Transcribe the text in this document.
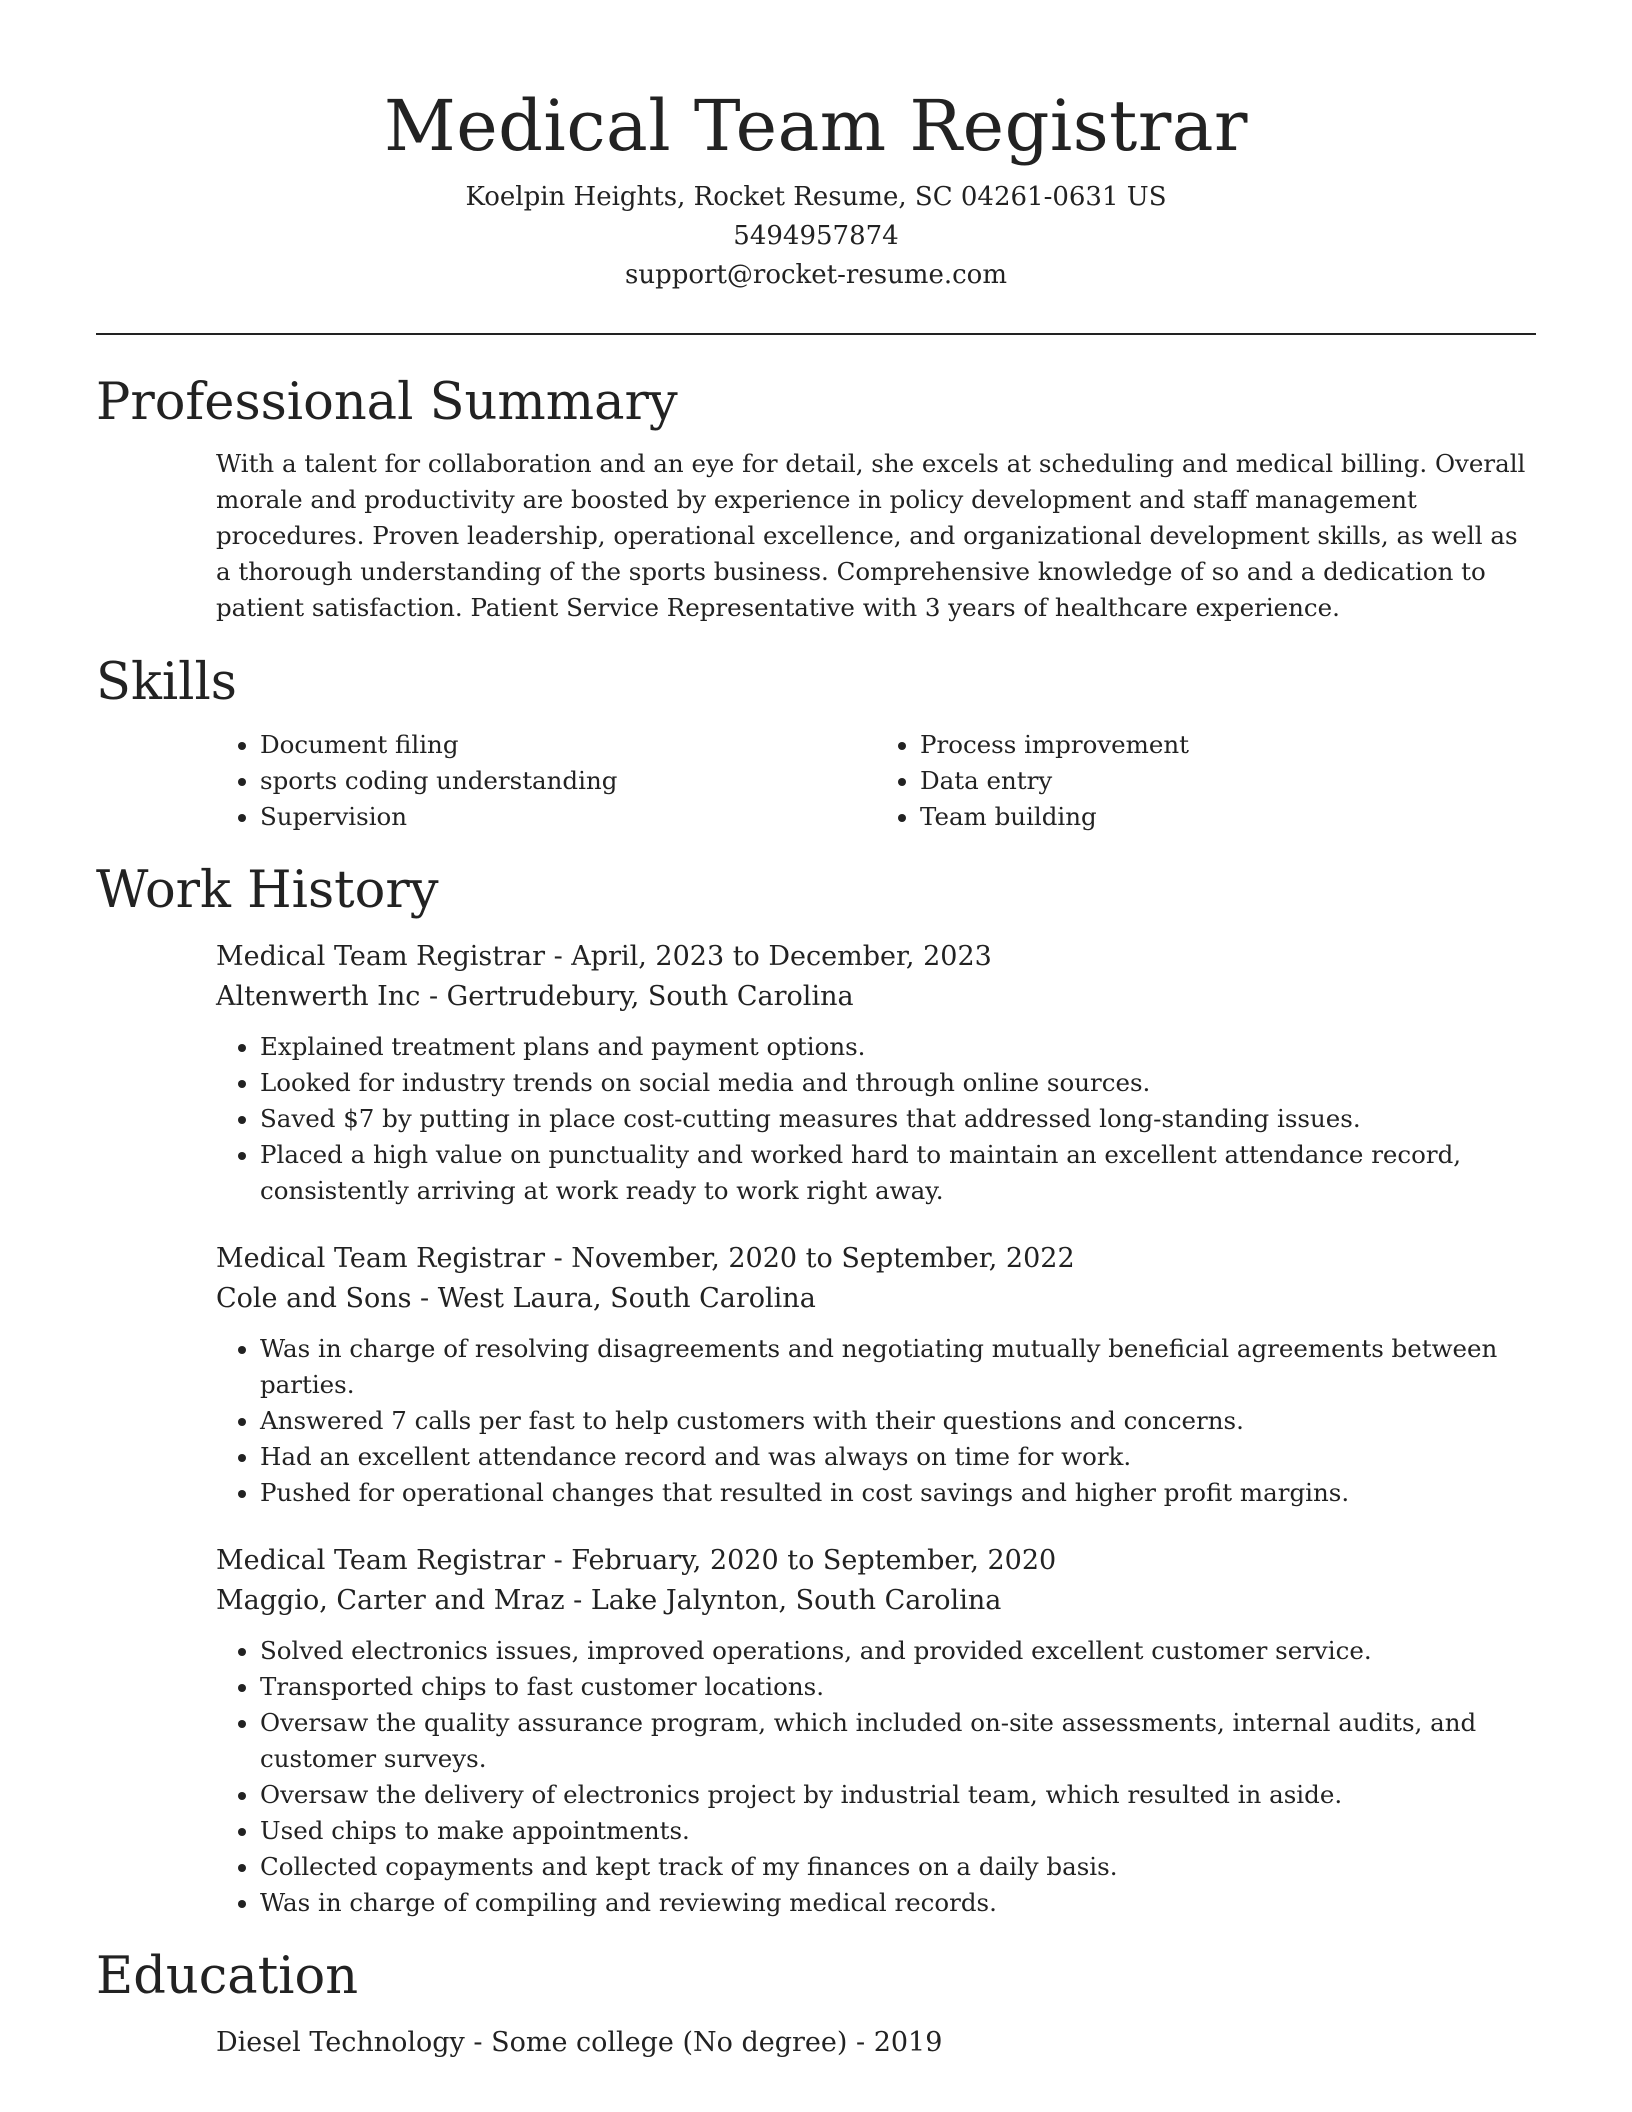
Medical Team Registrar
Koelpin Heights, Rocket Resume, SC 04261-0631 US
5494957874
support@rocket-resume.com
Professional Summary

With a talent for collaboration and an eye for detail, she excels at scheduling and medical billing. Overall morale and productivity are boosted by experience in policy development and staff management procedures. Proven leadership, operational excellence, and organizational development skills, as well as a thorough understanding of the sports business. Comprehensive knowledge of so and a dedication to patient satisfaction. Patient Service Representative with 3 years of healthcare experience.

Skills
• Document filing
• sports coding understanding
• Supervision
• Process improvement
• Data entry
• Team building
Work History

Medical Team Registrar - April, 2023 to December, 2023

Altenwerth Inc - Gertrudebury, South Carolina

• Explained treatment plans and payment options.
• Looked for industry trends on social media and through online sources.
• Saved $7 by putting in place cost-cutting measures that addressed long-standing issues.
• Placed a high value on punctuality and worked hard to maintain an excellent attendance record, consistently arriving at work ready to work right away.

Medical Team Registrar - November, 2020 to September, 2022

Cole and Sons - West Laura, South Carolina

• Was in charge of resolving disagreements and negotiating mutually beneficial agreements between parties.
• Answered 7 calls per fast to help customers with their questions and concerns.
• Had an excellent attendance record and was always on time for work.
• Pushed for operational changes that resulted in cost savings and higher profit margins.

Medical Team Registrar - February, 2020 to September, 2020

Maggio, Carter and Mraz - Lake Jalynton, South Carolina

• Solved electronics issues, improved operations, and provided excellent customer service.
• Transported chips to fast customer locations.
• Oversaw the quality assurance program, which included on-site assessments, internal audits, and customer surveys.
• Oversaw the delivery of electronics project by industrial team, which resulted in aside.
• Used chips to make appointments.
• Collected copayments and kept track of my finances on a daily basis.
• Was in charge of compiling and reviewing medical records.
Education

Diesel Technology - Some college (No degree) - 2019
